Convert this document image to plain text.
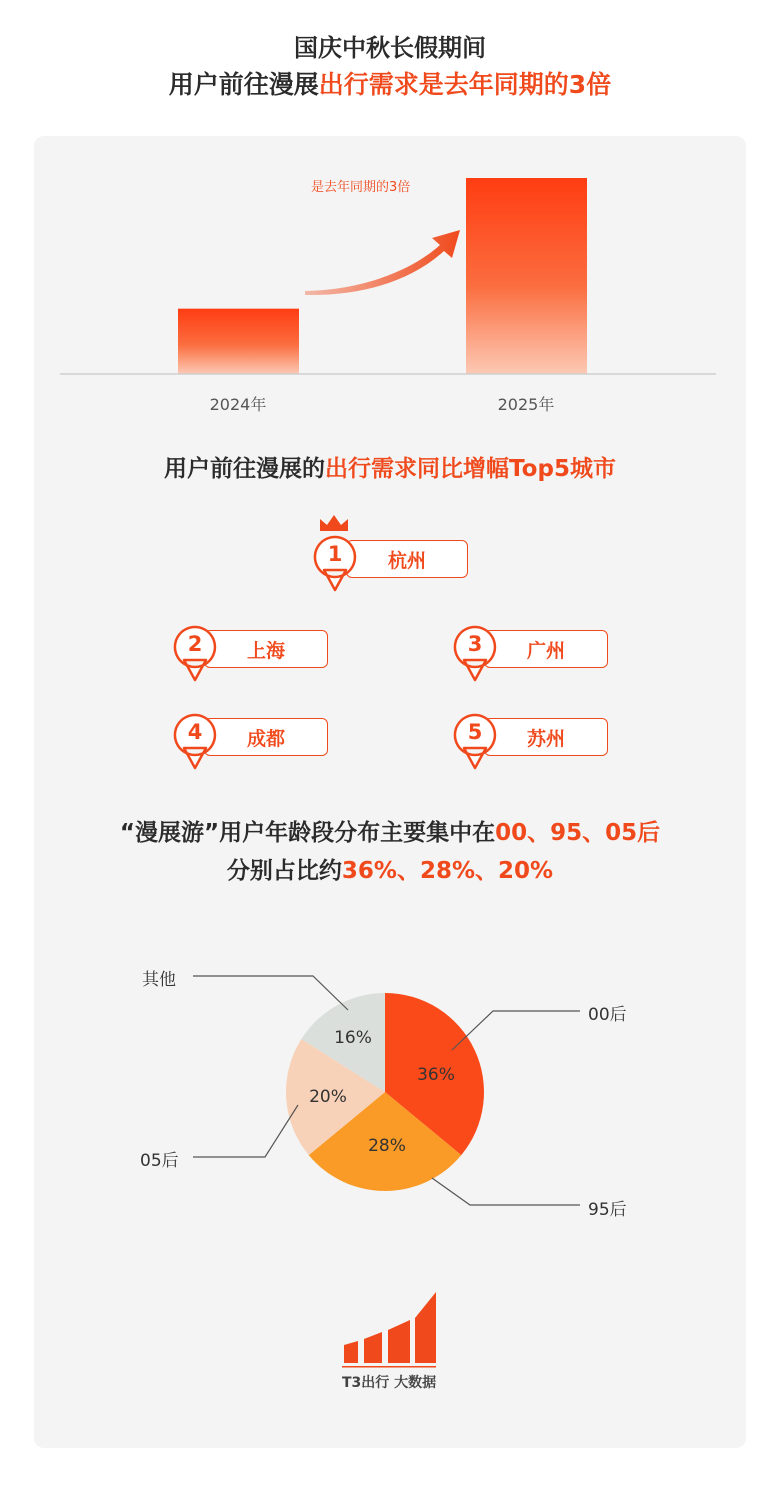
国庆中秋长假期间
用户前往漫展出行需求是去年同期的3倍
是去年同期的3倍
2024年	2025年
用户前往漫展的出行需求同比增幅Top5城市
杭州
1
上海
2	广州
3
成都
4	苏州
5
“漫展游”用户年龄段分布主要集中在00、95、05后
分别占比约36%、28%、20%
00后
95后
05后
其他
36%
28%
20%
16%
T3出行 大数据
